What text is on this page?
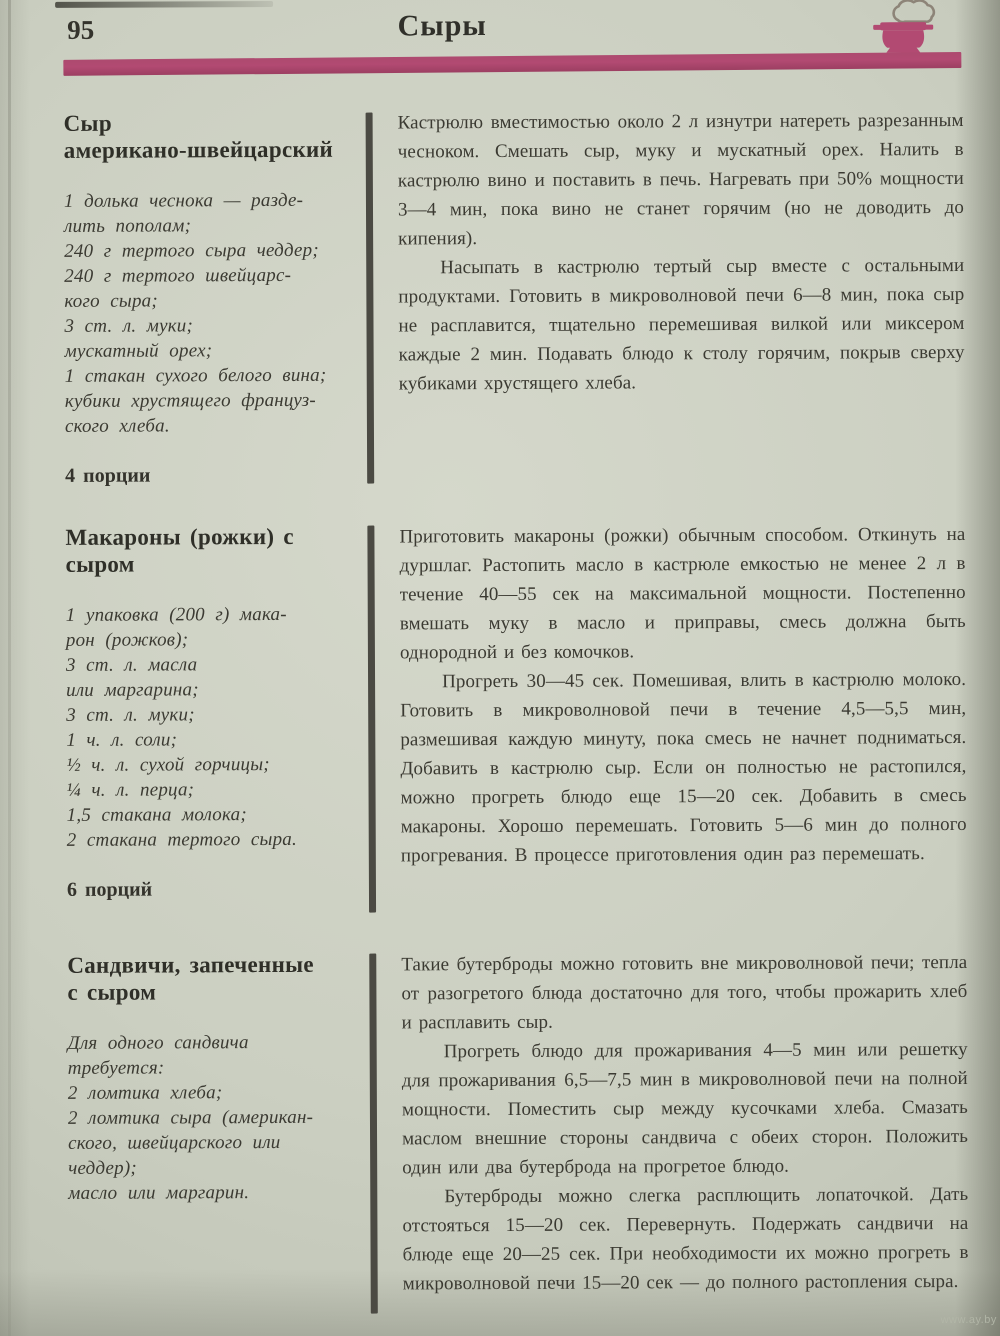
95	Сыры
Сыр
американо-швейцарский
1 долька чеснока — разде-
лить пополам;
240 г тертого сыра чеддер;
240 г тертого швейцарс-
кого сыра;
3 ст. л. муки;
мускатный орех;
1 стакан сухого белого вина;
кубики хрустящего француз-
ского хлеба.
4 порции

Кастрюлю вместимостью около 2 л изнутри натереть разрезанным чесноком. Смешать сыр, муку и мускатный орех. Налить в кастрюлю вино и поставить в печь. Нагревать при 50% мощности 3—4 мин, пока вино не станет горячим (но не доводить до кипения).

Насыпать в кастрюлю тертый сыр вместе с остальными продуктами. Готовить в микроволновой печи 6—8 мин, пока сыр не расплавится, тщательно перемешивая вилкой или миксером каждые 2 мин. Подавать блюдо к столу горячим, покрыв сверху кубиками хрустящего хлеба.

Макароны (рожки) с
сыром
1 упаковка (200 г) мака-
рон (рожков);
3 ст. л. масла
или маргарина;
3 ст. л. муки;
1 ч. л. соли;
½ ч. л. сухой горчицы;
¼ ч. л. перца;
1,5 стакана молока;
2 стакана тертого сыра.
6 порций

Приготовить макароны (рожки) обычным способом. Откинуть на дуршлаг. Растопить масло в кастрюле емкостью не менее 2 л в течение 40—55 сек на максимальной мощности. Постепенно вмешать муку в масло и приправы, смесь должна быть однородной и без комочков.

Прогреть 30—45 сек. Помешивая, влить в кастрюлю молоко. Готовить в микроволновой печи в течение 4,5—5,5 мин, размешивая каждую минуту, пока смесь не начнет подниматься. Добавить в кастрюлю сыр. Если он полностью не растопился, можно прогреть блюдо еще 15—20 сек. Добавить в смесь макароны. Хорошо перемешать. Готовить 5—6 мин до полного прогревания. В процессе приготовления один раз перемешать.

Сандвичи, запеченные
с сыром
Для одного сандвича
требуется:
2 ломтика хлеба;
2 ломтика сыра (американ-
ского, швейцарского или
чеддер);
масло или маргарин.

Такие бутерброды можно готовить вне микроволновой печи; тепла от разогретого блюда достаточно для того, чтобы прожарить хлеб и расплавить сыр.

Прогреть блюдо для прожаривания 4—5 мин или решетку для прожаривания 6,5—7,5 мин в микроволновой печи на полной мощности. Поместить сыр между кусочками хлеба. Смазать маслом внешние стороны сандвича с обеих сторон. Положить один или два бутерброда на прогретое блюдо.

Бутерброды можно слегка расплющить лопаточкой. Дать отстояться 15—20 сек. Перевернуть. Подержать сандвичи на блюде еще 20—25 сек. При необходимости их можно прогреть в микроволновой печи 15—20 сек — до полного растопления сыра.

www.ay.by
